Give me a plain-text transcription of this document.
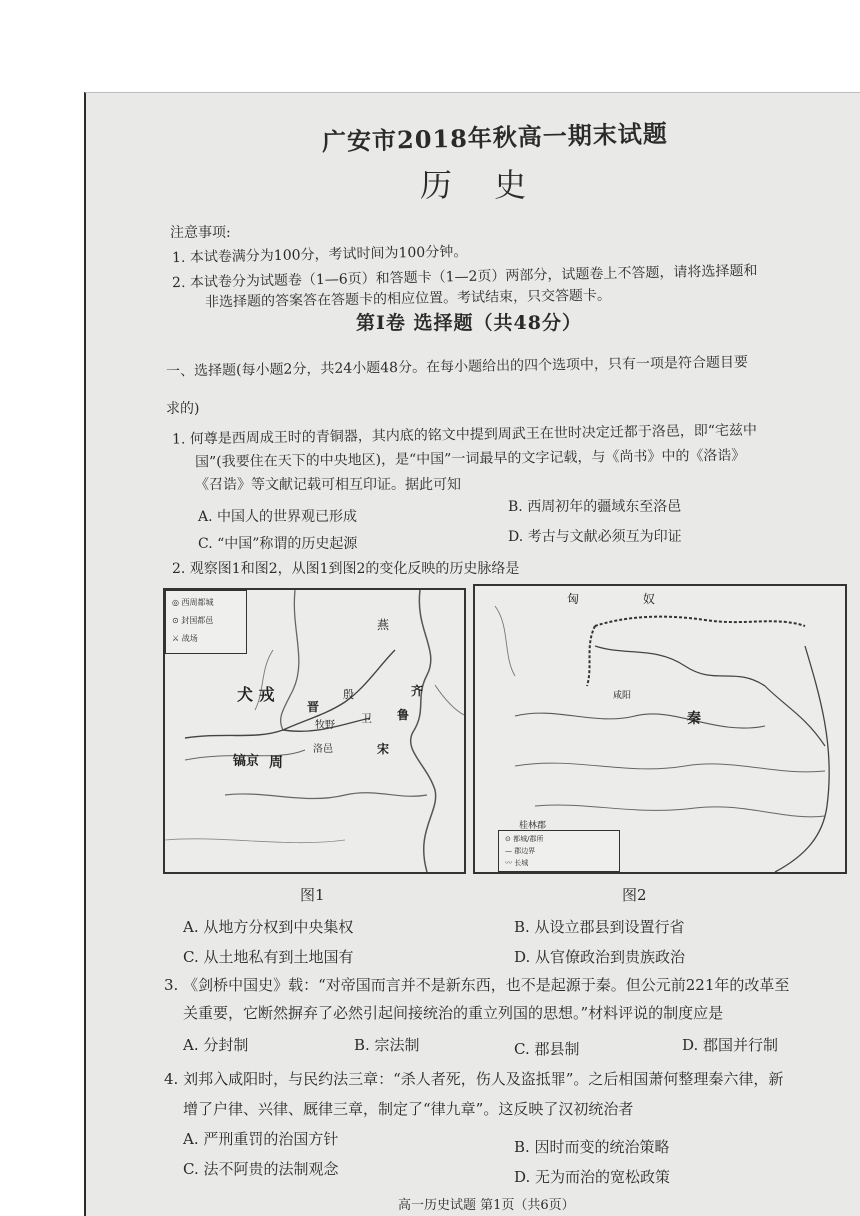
广安市2018年秋高一期末试题
历 史
注意事项:
1. 本试卷满分为100分，考试时间为100分钟。
2. 本试卷分为试题卷（1—6页）和答题卡（1—2页）两部分，试题卷上不答题，请将选择题和
非选择题的答案答在答题卡的相应位置。考试结束，只交答题卡。
第Ⅰ卷 选择题（共48分）
一、选择题(每小题2分，共24小题48分。在每小题给出的四个选项中，只有一项是符合题目要
求的)
1. 何尊是西周成王时的青铜器，其内底的铭文中提到周武王在世时决定迁都于洛邑，即“宅兹中
国”(我要住在天下的中央地区)，是“中国”一词最早的文字记载，与《尚书》中的《洛诰》
《召诰》等文献记载可相互印证。据此可知
A. 中国人的世界观已形成
B. 西周初年的疆域东至洛邑
C. “中国”称谓的历史起源	D. 考古与文献必须互为印证
2. 观察图1和图2，从图1到图2的变化反映的历史脉络是
◎ 西周都城
⊙ 封国都邑
⚔ 战场
燕
犬 戎
晋
殷	齐
牧野
卫 鲁
镐京 周
洛邑	宋
⊙ 都城/郡所
— 郡边界
〰 长城
匈 奴
秦
咸阳
桂林郡
图1	图2
A. 从地方分权到中央集权	B. 从设立郡县到设置行省
C. 从土地私有到土地国有	D. 从官僚政治到贵族政治
3. 《剑桥中国史》载：“对帝国而言并不是新东西，也不是起源于秦。但公元前221年的改革至
关重要，它断然摒弃了必然引起间接统治的重立列国的思想。”材料评说的制度应是
A. 分封制	B. 宗法制	C. 郡县制	D. 郡国并行制
4. 刘邦入咸阳时，与民约法三章：“杀人者死，伤人及盗抵罪”。之后相国萧何整理秦六律，新
增了户律、兴律、厩律三章，制定了“律九章”。这反映了汉初统治者
A. 严刑重罚的治国方针	B. 因时而变的统治策略
C. 法不阿贵的法制观念	D. 无为而治的宽松政策
高一历史试题 第1页（共6页）
